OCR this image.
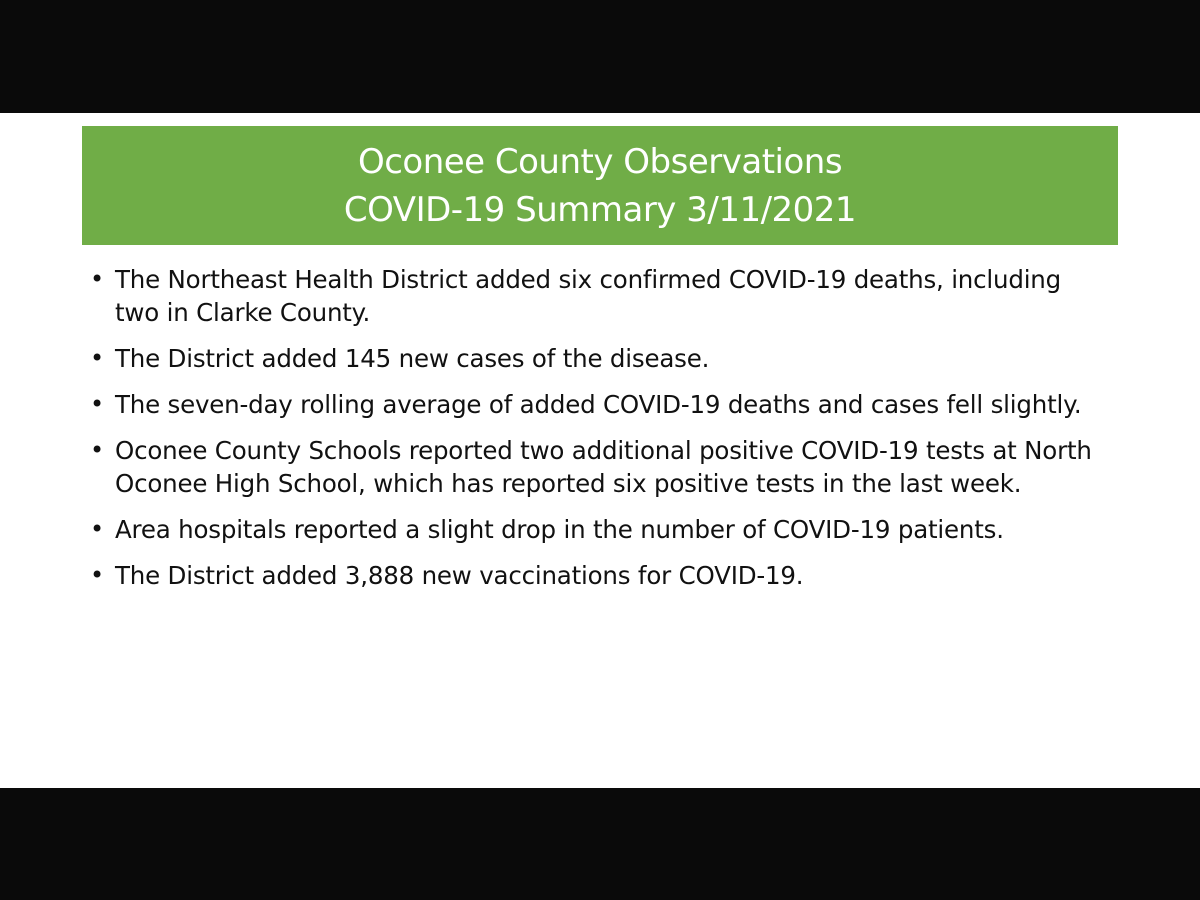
Oconee County Observations
COVID-19 Summary 3/11/2021
• The Northeast Health District added six confirmed COVID-19 deaths, including two in Clarke County.
• The District added 145 new cases of the disease.
• The seven-day rolling average of added COVID-19 deaths and cases fell slightly.
• Oconee County Schools reported two additional positive COVID-19 tests at North Oconee High School, which has reported six positive tests in the last week.
• Area hospitals reported a slight drop in the number of COVID-19 patients.
• The District added 3,888 new vaccinations for COVID-19.
